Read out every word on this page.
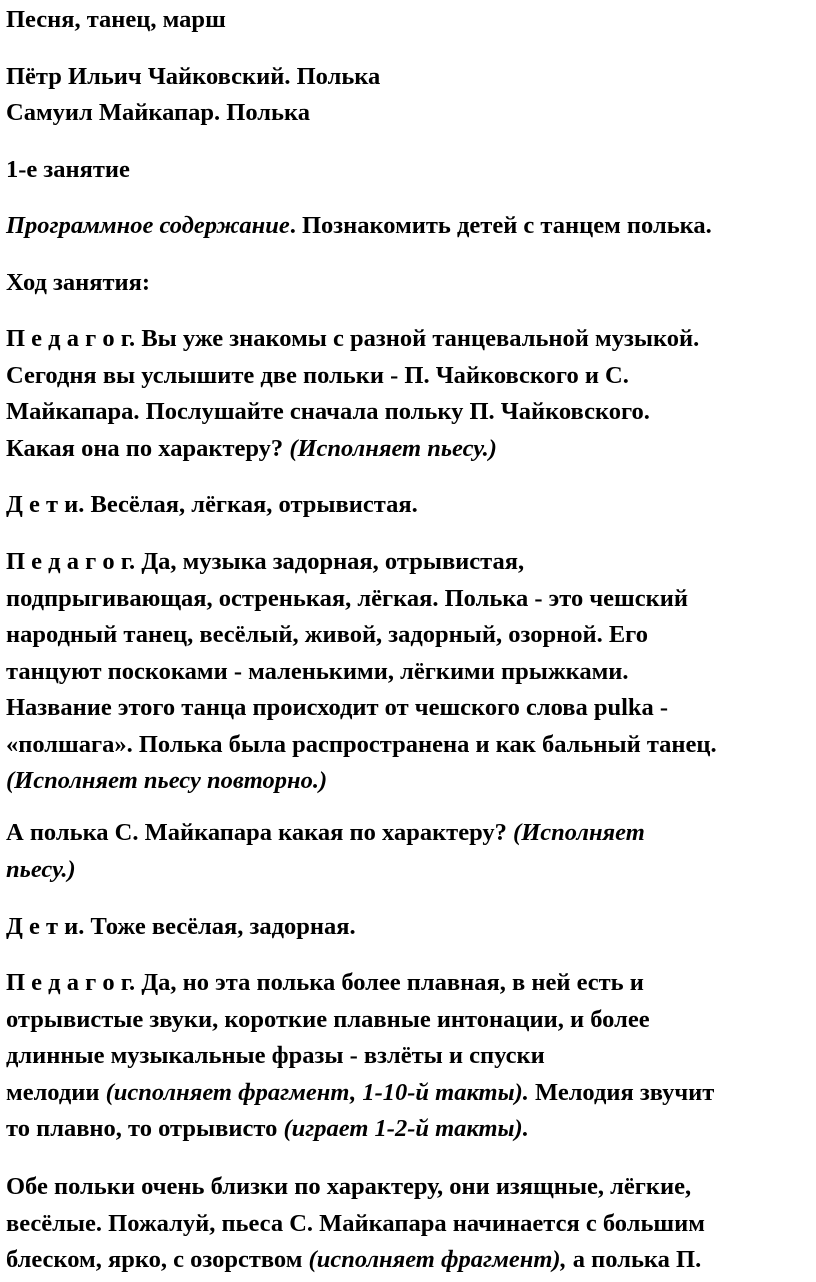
Песня, танец, марш

Пётр Ильич Чайковский. Полька

Самуил Майкапар. Полька

1-е занятие

Программное содержание. Познакомить детей с танцем полька.

Ход занятия:

П е д а г о г. Вы уже знакомы с разной танцевальной музыкой.
Сегодня вы услышите две польки - П. Чайковского и С.
Майкапара. Послушайте сначала польку П. Чайковского.
Какая она по характеру? (Исполняет пьесу.)

Д е т и. Весёлая, лёгкая, отрывистая.

П е д а г о г. Да, музыка задорная, отрывистая,
подпрыгивающая, остренькая, лёгкая. Полька - это чешский
народный танец, весёлый, живой, задорный, озорной. Его
танцуют поскоками - маленькими, лёгкими прыжками.
Название этого танца происходит от чешского слова pulka -
«полшага». Полька была распространена и как бальный танец.
(Исполняет пьесу повторно.)

А полька С. Майкапара какая по характеру? (Исполняет
пьесу.)

Д е т и. Тоже весёлая, задорная.

П е д а г о г. Да, но эта полька более плавная, в ней есть и
отрывистые звуки, короткие плавные интонации, и более
длинные музыкальные фразы - взлёты и спуски
мелодии (исполняет фрагмент, 1-10-й такты). Мелодия звучит
то плавно, то отрывисто (играет 1-2-й такты).

Обе польки очень близки по характеру, они изящные, лёгкие,
весёлые. Пожалуй, пьеса С. Майкапара начинается с большим
блеском, ярко, с озорством (исполняет фрагмент), а полька П.
